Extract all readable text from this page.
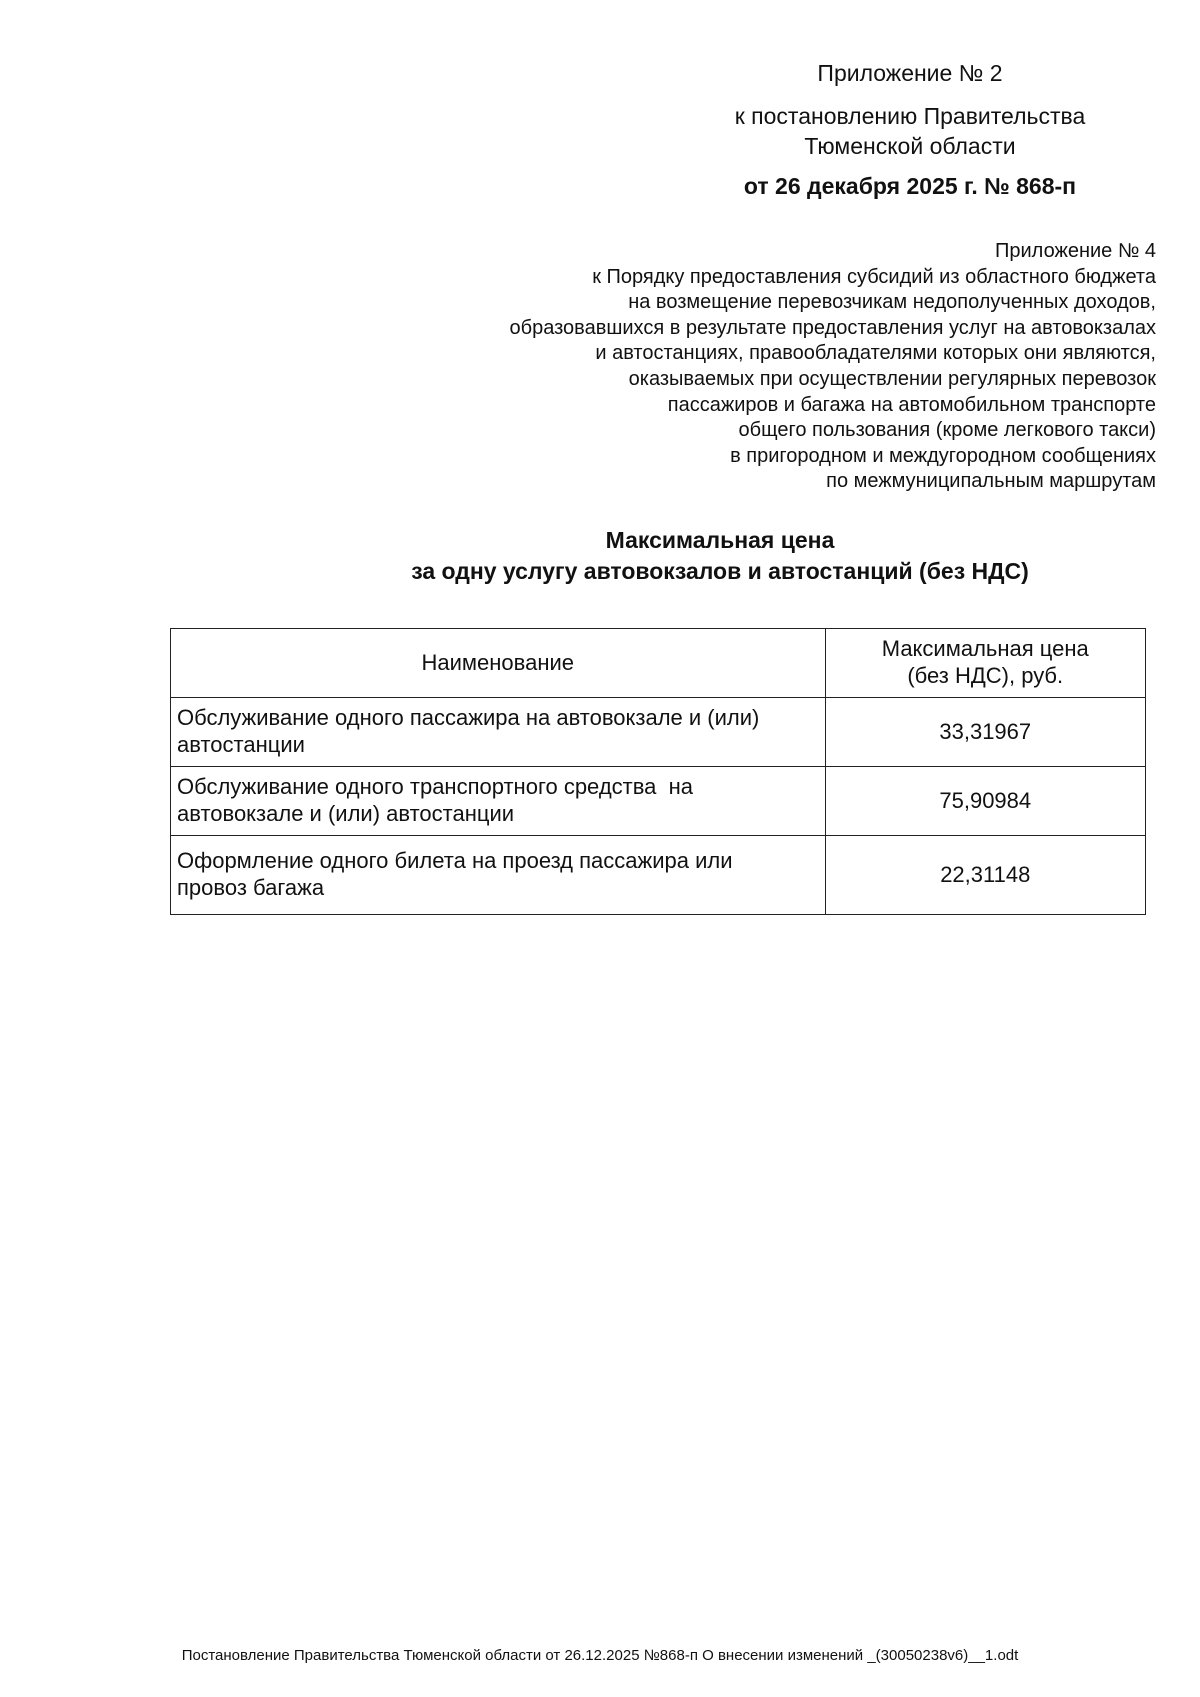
Приложение № 2
к постановлению Правительства
Тюменской области
от 26 декабря 2025 г. № 868-п
Приложение № 4
к Порядку предоставления субсидий из областного бюджета
на возмещение перевозчикам недополученных доходов,
образовавшихся в результате предоставления услуг на автовокзалах
и автостанциях, правообладателями которых они являются,
оказываемых при осуществлении регулярных перевозок
пассажиров и багажа на автомобильном транспорте
общего пользования (кроме легкового такси)
в пригородном и междугородном сообщениях
по межмуниципальным маршрутам
Максимальная цена
за одну услугу автовокзалов и автостанций (без НДС)
Наименование	Максимальная цена
(без НДС), руб.

Обслуживание одного пассажира на автовокзале и (или)
автостанции	33,31967

Обслуживание одного транспортного средства  на
автовокзале и (или) автостанции	75,90984

Оформление одного билета на проезд пассажира или
провоз багажа	22,31148
Постановление Правительства Тюменской области от 26.12.2025 №868-п О внесении изменений _(30050238v6)__1.odt
